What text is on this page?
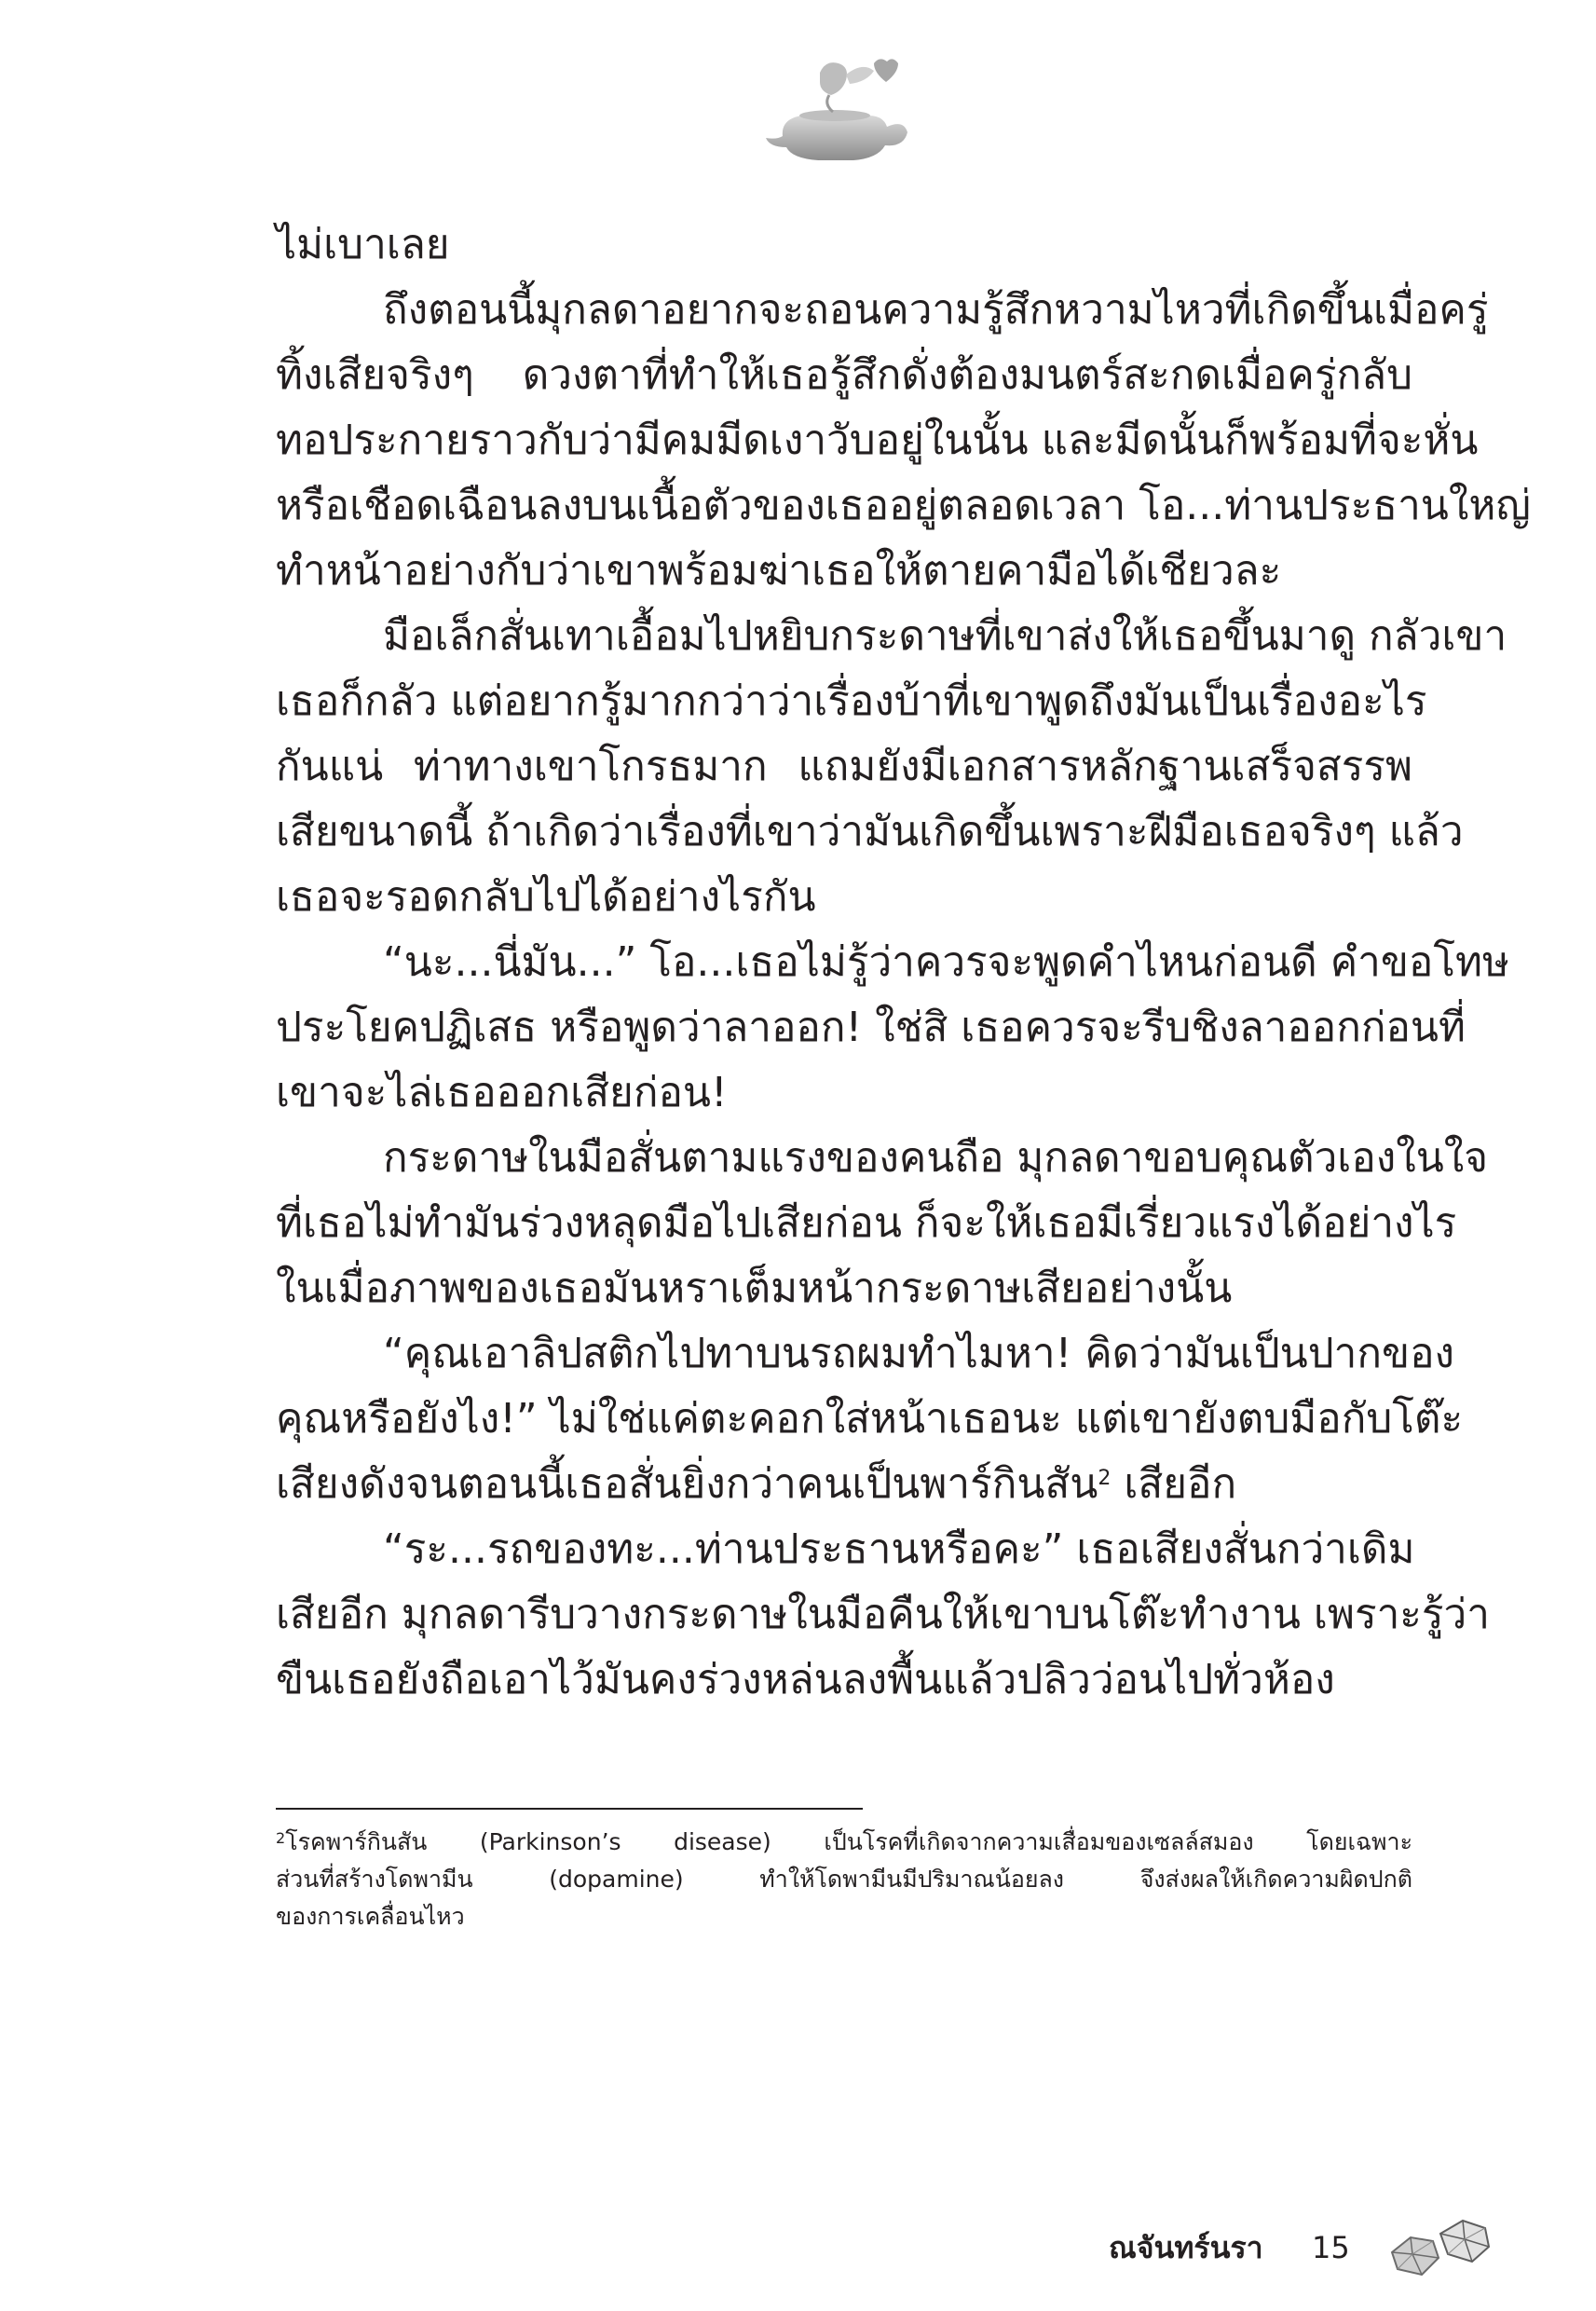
ไม่เบาเลย
ถึงตอนนี้มุกลดาอยากจะถอนความรู้สึกหวามไหวที่เกิดขึ้นเมื่อครู่
ทิ้งเสียจริงๆ ดวงตาที่ทำให้เธอรู้สึกดั่งต้องมนตร์สะกดเมื่อครู่กลับ
ทอประกายราวกับว่ามีคมมีดเงาวับอยู่ในนั้น และมีดนั้นก็พร้อมที่จะหั่น
หรือเชือดเฉือนลงบนเนื้อตัวของเธออยู่ตลอดเวลา โอ...ท่านประธานใหญ่
ทำหน้าอย่างกับว่าเขาพร้อมฆ่าเธอให้ตายคามือได้เชียวละ
มือเล็กสั่นเทาเอื้อมไปหยิบกระดาษที่เขาส่งให้เธอขึ้นมาดู กลัวเขา
เธอก็กลัว แต่อยากรู้มากกว่าว่าเรื่องบ้าที่เขาพูดถึงมันเป็นเรื่องอะไร
กันแน่ ท่าทางเขาโกรธมาก แถมยังมีเอกสารหลักฐานเสร็จสรรพ
เสียขนาดนี้ ถ้าเกิดว่าเรื่องที่เขาว่ามันเกิดขึ้นเพราะฝีมือเธอจริงๆ แล้ว
เธอจะรอดกลับไปได้อย่างไรกัน
“นะ...นี่มัน...” โอ...เธอไม่รู้ว่าควรจะพูดคำไหนก่อนดี คำขอโทษ
ประโยคปฏิเสธ หรือพูดว่าลาออก! ใช่สิ เธอควรจะรีบชิงลาออกก่อนที่
เขาจะไล่เธอออกเสียก่อน!
กระดาษในมือสั่นตามแรงของคนถือ มุกลดาขอบคุณตัวเองในใจ
ที่เธอไม่ทำมันร่วงหลุดมือไปเสียก่อน ก็จะให้เธอมีเรี่ยวแรงได้อย่างไร
ในเมื่อภาพของเธอมันหราเต็มหน้ากระดาษเสียอย่างนั้น
“คุณเอาลิปสติกไปทาบนรถผมทำไมหา! คิดว่ามันเป็นปากของ
คุณหรือยังไง!” ไม่ใช่แค่ตะคอกใส่หน้าเธอนะ แต่เขายังตบมือกับโต๊ะ
เสียงดังจนตอนนี้เธอสั่นยิ่งกว่าคนเป็นพาร์กินสัน$^2$ เสียอีก
“ระ...รถของทะ...ท่านประธานหรือคะ” เธอเสียงสั่นกว่าเดิม
เสียอีก มุกลดารีบวางกระดาษในมือคืนให้เขาบนโต๊ะทำงาน เพราะรู้ว่า
ขืนเธอยังถือเอาไว้มันคงร่วงหล่นลงพื้นแล้วปลิวว่อนไปทั่วห้อง
$^2$โรคพาร์กินสัน (Parkinson’s disease) เป็นโรคที่เกิดจากความเสื่อมของเซลล์สมอง โดยเฉพาะ
ส่วนที่สร้างโดพามีน (dopamine) ทำให้โดพามีนมีปริมาณน้อยลง จึงส่งผลให้เกิดความผิดปกติ
ของการเคลื่อนไหว
ณจันทร์นรา 15
